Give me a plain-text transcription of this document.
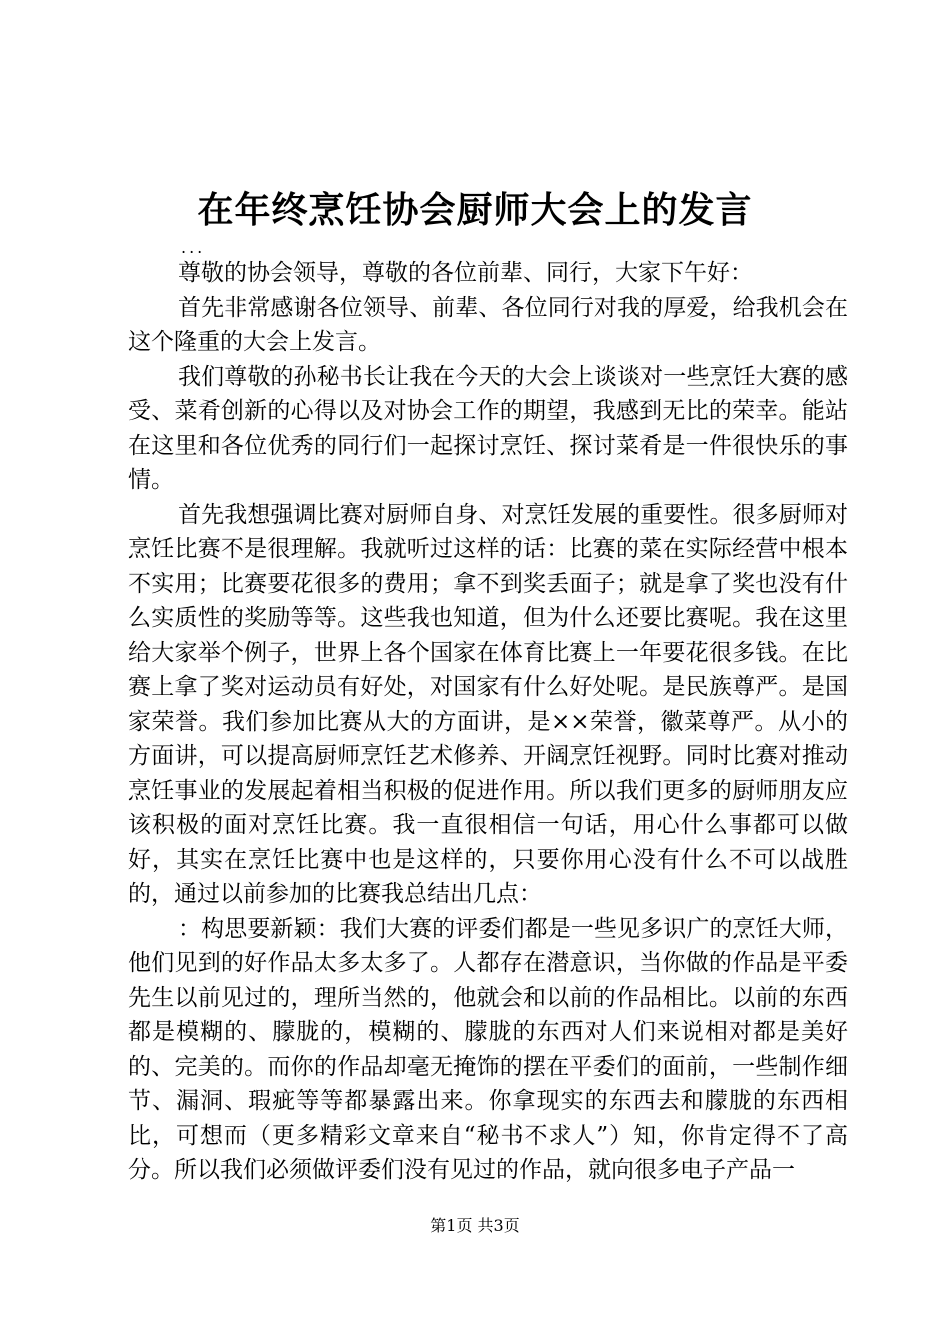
在年终烹饪协会厨师大会上的发言
...

尊敬的协会领导，尊敬的各位前辈、同行，大家下午好：

首先非常感谢各位领导、前辈、各位同行对我的厚爱，给我机会在这个隆重的大会上发言。

我们尊敬的孙秘书长让我在今天的大会上谈谈对一些烹饪大赛的感受、菜肴创新的心得以及对协会工作的期望，我感到无比的荣幸。能站在这里和各位优秀的同行们一起探讨烹饪、探讨菜肴是一件很快乐的事情。

首先我想强调比赛对厨师自身、对烹饪发展的重要性。很多厨师对烹饪比赛不是很理解。我就听过这样的话：比赛的菜在实际经营中根本不实用；比赛要花很多的费用；拿不到奖丢面子；就是拿了奖也没有什么实质性的奖励等等。这些我也知道，但为什么还要比赛呢。我在这里给大家举个例子，世界上各个国家在体育比赛上一年要花很多钱。在比赛上拿了奖对运动员有好处，对国家有什么好处呢。是民族尊严。是国家荣誉。我们参加比赛从大的方面讲，是××荣誉，徽菜尊严。从小的方面讲，可以提高厨师烹饪艺术修养、开阔烹饪视野。同时比赛对推动烹饪事业的发展起着相当积极的促进作用。所以我们更多的厨师朋友应该积极的面对烹饪比赛。我一直很相信一句话，用心什么事都可以做好，其实在烹饪比赛中也是这样的，只要你用心没有什么不可以战胜的，通过以前参加的比赛我总结出几点：

：构思要新颖：我们大赛的评委们都是一些见多识广的烹饪大师，他们见到的好作品太多太多了。人都存在潜意识，当你做的作品是平委先生以前见过的，理所当然的，他就会和以前的作品相比。以前的东西都是模糊的、朦胧的，模糊的、朦胧的东西对人们来说相对都是美好的、完美的。而你的作品却毫无掩饰的摆在平委们的面前，一些制作细节、漏洞、瑕疵等等都暴露出来。你拿现实的东西去和朦胧的东西相比，可想而（更多精彩文章来自“秘书不求人”）知，你肯定得不了高分。所以我们必须做评委们没有见过的作品，就向很多电子产品一

第1页 共3页
